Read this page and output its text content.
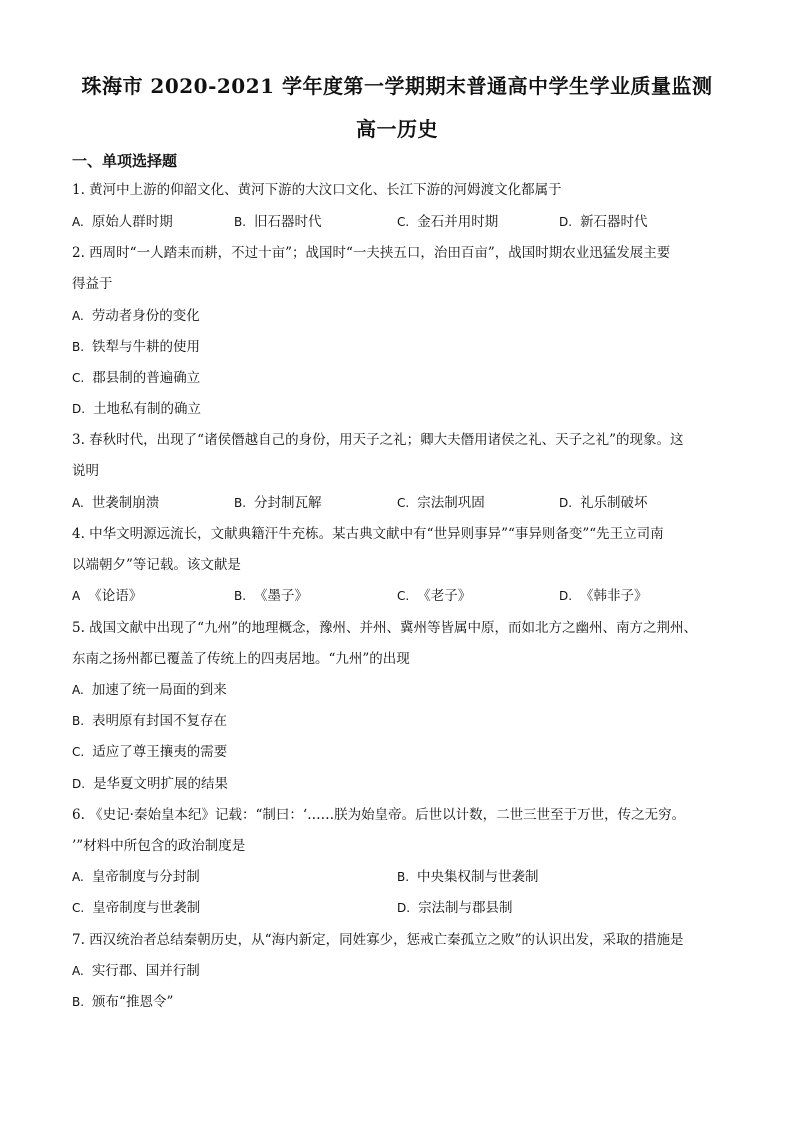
珠海市 2020-2021 学年度第一学期期末普通高中学生学业质量监测
高一历史
一、单项选择题
1. 黄河中上游的仰韶文化、黄河下游的大汶口文化、长江下游的河姆渡文化都属于
A. 原始人群时期	B. 旧石器时代	C. 金石并用时期	D. 新石器时代
2. 西周时“一人踏耒而耕，不过十亩”；战国时“一夫挟五口，治田百亩”，战国时期农业迅猛发展主要
得益于
A. 劳动者身份的变化
B. 铁犁与牛耕的使用
C. 郡县制的普遍确立
D. 土地私有制的确立
3. 春秋时代，出现了“诸侯僭越自己的身份，用天子之礼；卿大夫僭用诸侯之礼、天子之礼”的现象。这
说明
A. 世袭制崩溃	B. 分封制瓦解	C. 宗法制巩固	D. 礼乐制破坏
4. 中华文明源远流长，文献典籍汗牛充栋。某古典文献中有“世异则事异”“事异则备变”“先王立司南
以端朝夕”等记载。该文献是
A 《论语》	B. 《墨子》	C. 《老子》	D. 《韩非子》
5. 战国文献中出现了“九州”的地理概念，豫州、并州、冀州等皆属中原，而如北方之幽州、南方之荆州、
东南之扬州都已覆盖了传统上的四夷居地。“九州”的出现
A. 加速了统一局面的到来
B. 表明原有封国不复存在
C. 适应了尊王攘夷的需要
D. 是华夏文明扩展的结果
6. 《史记·秦始皇本纪》记载：“制曰：‘……朕为始皇帝。后世以计数，二世三世至于万世，传之无穷。
’”材料中所包含的政治制度是
A. 皇帝制度与分封制	B. 中央集权制与世袭制
C. 皇帝制度与世袭制	D. 宗法制与郡县制
7. 西汉统治者总结秦朝历史，从“海内新定，同姓寡少，惩戒亡秦孤立之败”的认识出发，采取的措施是
A. 实行郡、国并行制
B. 颁布“推恩令”
